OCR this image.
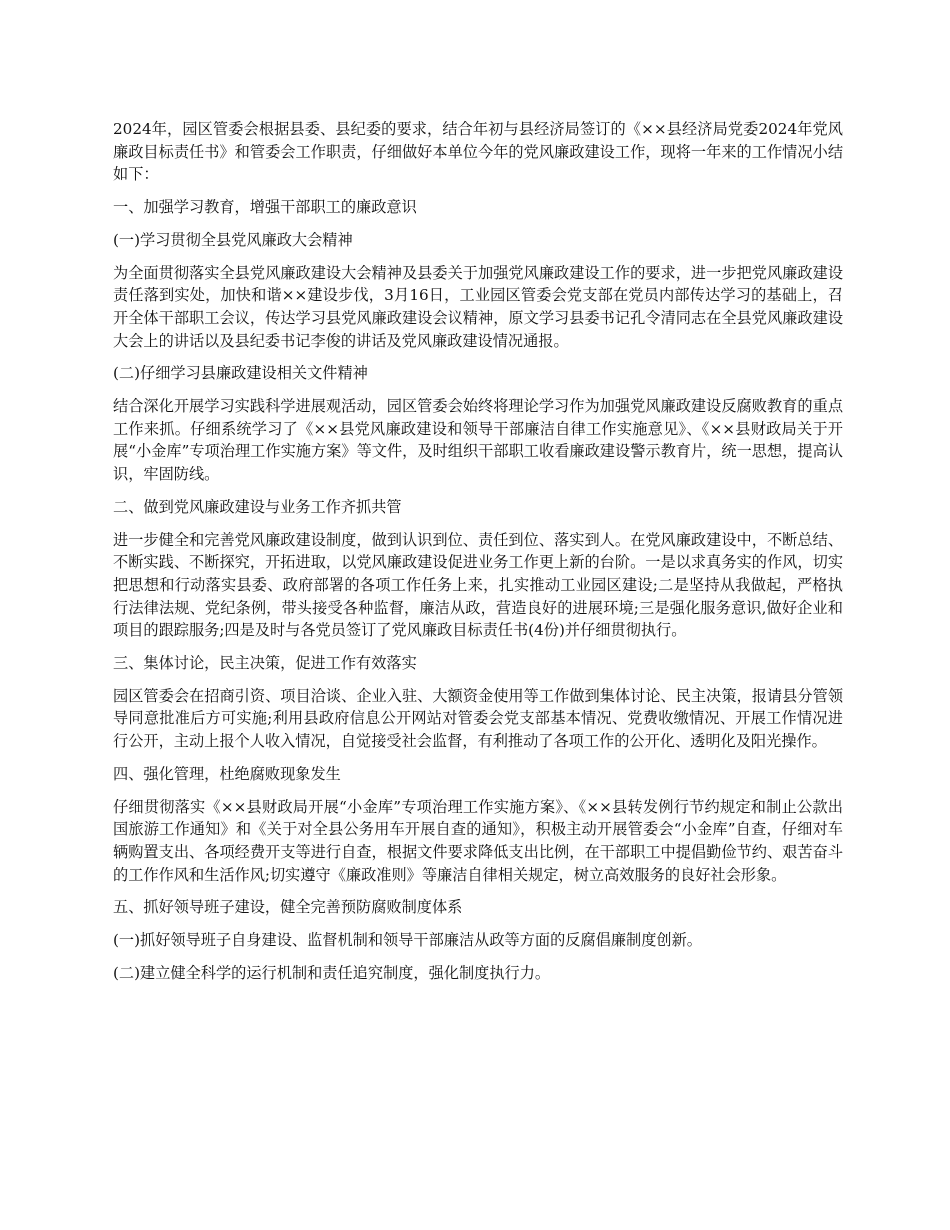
2024年，园区管委会根据县委、县纪委的要求，结合年初与县经济局签订的《××县经济局党委2024年党风廉政目标责任书》和管委会工作职责，仔细做好本单位今年的党风廉政建设工作，现将一年来的工作情况小结如下：

一、加强学习教育，增强干部职工的廉政意识

(一)学习贯彻全县党风廉政大会精神

为全面贯彻落实全县党风廉政建设大会精神及县委关于加强党风廉政建设工作的要求，进一步把党风廉政建设责任落到实处，加快和谐××建设步伐，3月16日，工业园区管委会党支部在党员内部传达学习的基础上，召开全体干部职工会议，传达学习县党风廉政建设会议精神，原文学习县委书记孔令清同志在全县党风廉政建设大会上的讲话以及县纪委书记李俊的讲话及党风廉政建设情况通报。

(二)仔细学习县廉政建设相关文件精神

结合深化开展学习实践科学进展观活动，园区管委会始终将理论学习作为加强党风廉政建设反腐败教育的重点工作来抓。仔细系统学习了《××县党风廉政建设和领导干部廉洁自律工作实施意见》、《××县财政局关于开展“小金库”专项治理工作实施方案》等文件，及时组织干部职工收看廉政建设警示教育片，统一思想，提高认识，牢固防线。

二、做到党风廉政建设与业务工作齐抓共管

进一步健全和完善党风廉政建设制度，做到认识到位、责任到位、落实到人。在党风廉政建设中，不断总结、不断实践、不断探究，开拓进取，以党风廉政建设促进业务工作更上新的台阶。一是以求真务实的作风，切实把思想和行动落实县委、政府部署的各项工作任务上来，扎实推动工业园区建设;二是坚持从我做起，严格执行法律法规、党纪条例，带头接受各种监督，廉洁从政，营造良好的进展环境;三是强化服务意识,做好企业和项目的跟踪服务;四是及时与各党员签订了党风廉政目标责任书(4份)并仔细贯彻执行。

三、集体讨论，民主决策，促进工作有效落实

园区管委会在招商引资、项目洽谈、企业入驻、大额资金使用等工作做到集体讨论、民主决策，报请县分管领导同意批准后方可实施;利用县政府信息公开网站对管委会党支部基本情况、党费收缴情况、开展工作情况进行公开，主动上报个人收入情况，自觉接受社会监督，有利推动了各项工作的公开化、透明化及阳光操作。

四、强化管理，杜绝腐败现象发生

仔细贯彻落实《××县财政局开展“小金库”专项治理工作实施方案》、《××县转发例行节约规定和制止公款出国旅游工作通知》和《关于对全县公务用车开展自查的通知》，积极主动开展管委会“小金库”自查，仔细对车辆购置支出、各项经费开支等进行自查，根据文件要求降低支出比例，在干部职工中提倡勤俭节约、艰苦奋斗的工作作风和生活作风;切实遵守《廉政准则》等廉洁自律相关规定，树立高效服务的良好社会形象。

五、抓好领导班子建设，健全完善预防腐败制度体系

(一)抓好领导班子自身建设、监督机制和领导干部廉洁从政等方面的反腐倡廉制度创新。

(二)建立健全科学的运行机制和责任追究制度，强化制度执行力。
